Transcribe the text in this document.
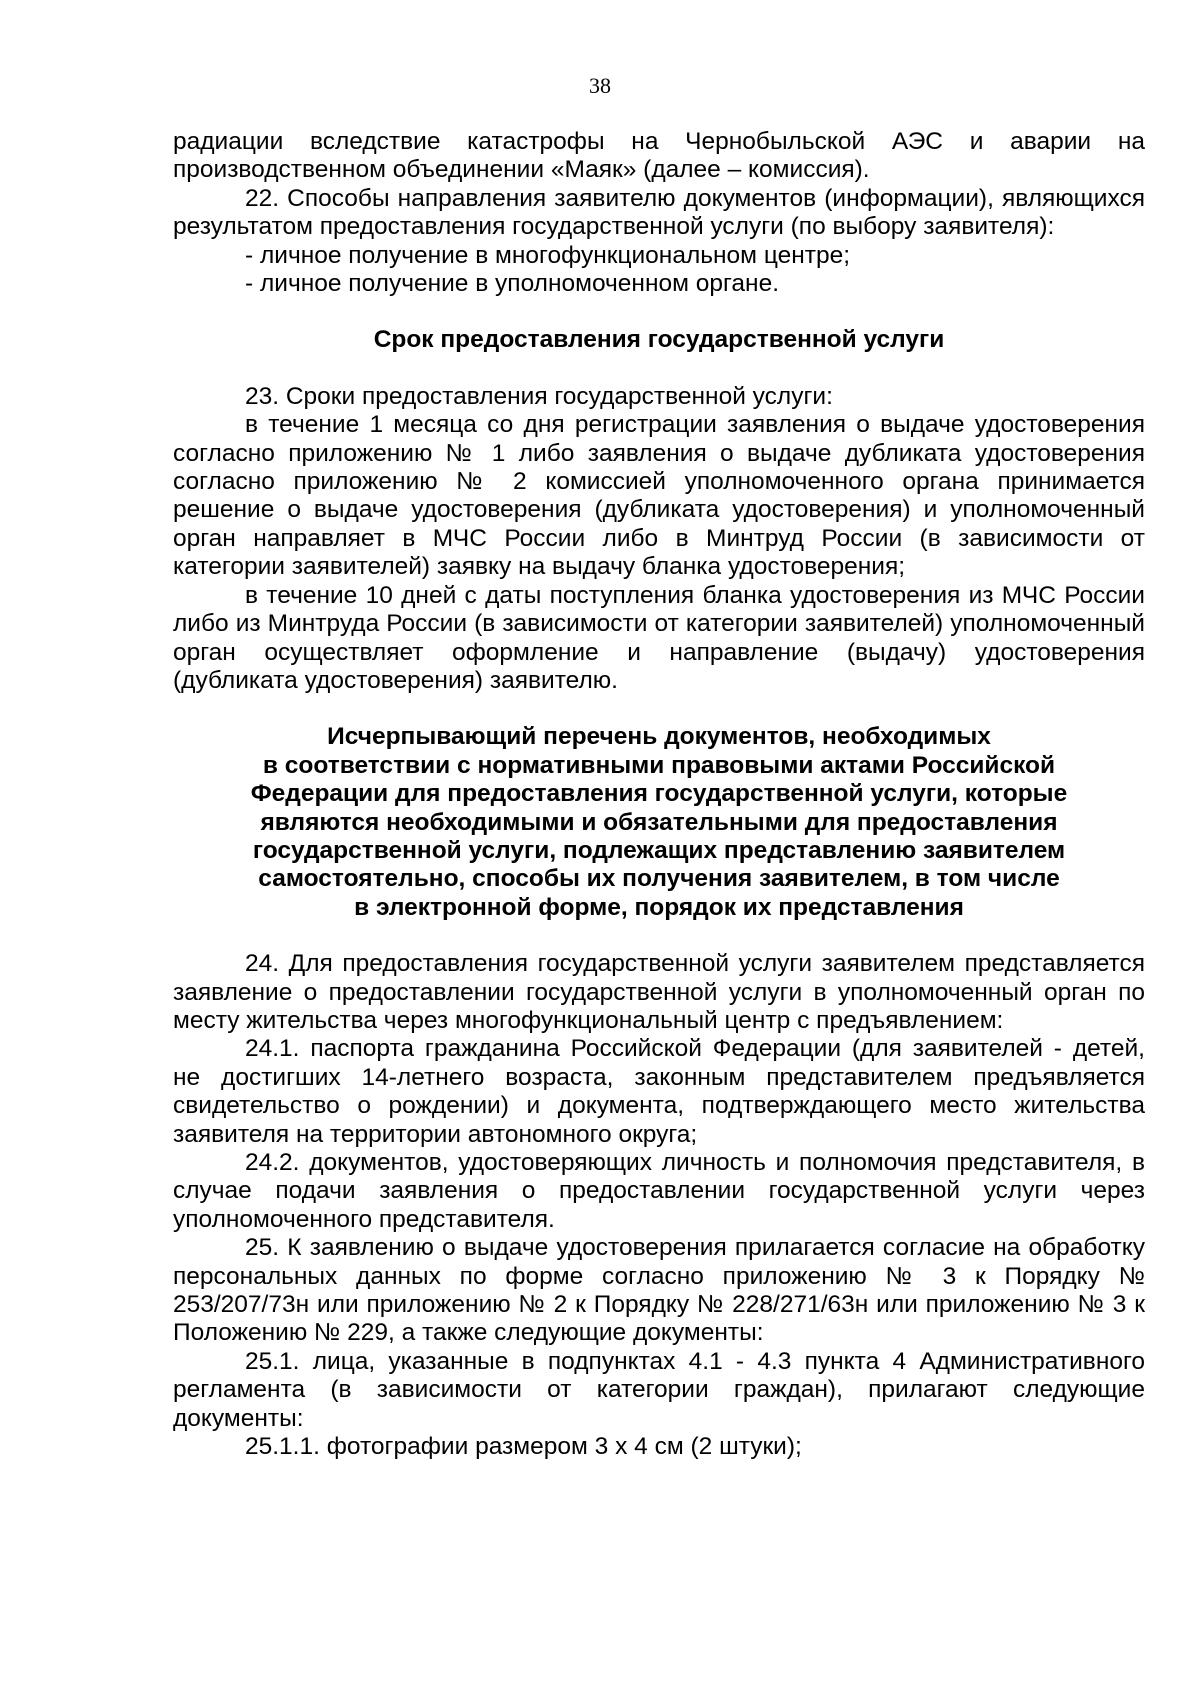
38

радиации вследствие катастрофы на Чернобыльской АЭС и аварии на производственном объединении «Маяк» (далее – комиссия).

22. Способы направления заявителю документов (информации), являющихся результатом предоставления государственной услуги (по выбору заявителя):

- личное получение в многофункциональном центре;

- личное получение в уполномоченном органе.

Срок предоставления государственной услуги

23. Сроки предоставления государственной услуги:

в течение 1 месяца со дня регистрации заявления о выдаче удостоверения согласно приложению № 1 либо заявления о выдаче дубликата удостоверения согласно приложению № 2 комиссией уполномоченного органа принимается решение о выдаче удостоверения (дубликата удостоверения) и уполномоченный орган направляет в МЧС России либо в Минтруд России (в зависимости от категории заявителей) заявку на выдачу бланка удостоверения;

в течение 10 дней с даты поступления бланка удостоверения из МЧС России либо из Минтруда России (в зависимости от категории заявителей) уполномоченный орган осуществляет оформление и направление (выдачу) удостоверения (дубликата удостоверения) заявителю.

Исчерпывающий перечень документов, необходимых
в соответствии с нормативными правовыми актами Российской
Федерации для предоставления государственной услуги, которые
являются необходимыми и обязательными для предоставления
государственной услуги, подлежащих представлению заявителем
самостоятельно, способы их получения заявителем, в том числе
в электронной форме, порядок их представления

24. Для предоставления государственной услуги заявителем представляется заявление о предоставлении государственной услуги в уполномоченный орган по месту жительства через многофункциональный центр с предъявлением:

24.1. паспорта гражданина Российской Федерации (для заявителей - детей, не достигших 14-летнего возраста, законным представителем предъявляется свидетельство о рождении) и документа, подтверждающего место жительства заявителя на территории автономного округа;

24.2. документов, удостоверяющих личность и полномочия представителя, в случае подачи заявления о предоставлении государственной услуги через уполномоченного представителя.

25. К заявлению о выдаче удостоверения прилагается согласие на обработку персональных данных по форме согласно приложению № 3 к Порядку № 253/207/73н или приложению № 2 к Порядку № 228/271/63н или приложению № 3 к Положению № 229, а также следующие документы:

25.1. лица, указанные в подпунктах 4.1 - 4.3 пункта 4 Административного регламента (в зависимости от категории граждан), прилагают следующие документы:

25.1.1. фотографии размером 3 х 4 см (2 штуки);
